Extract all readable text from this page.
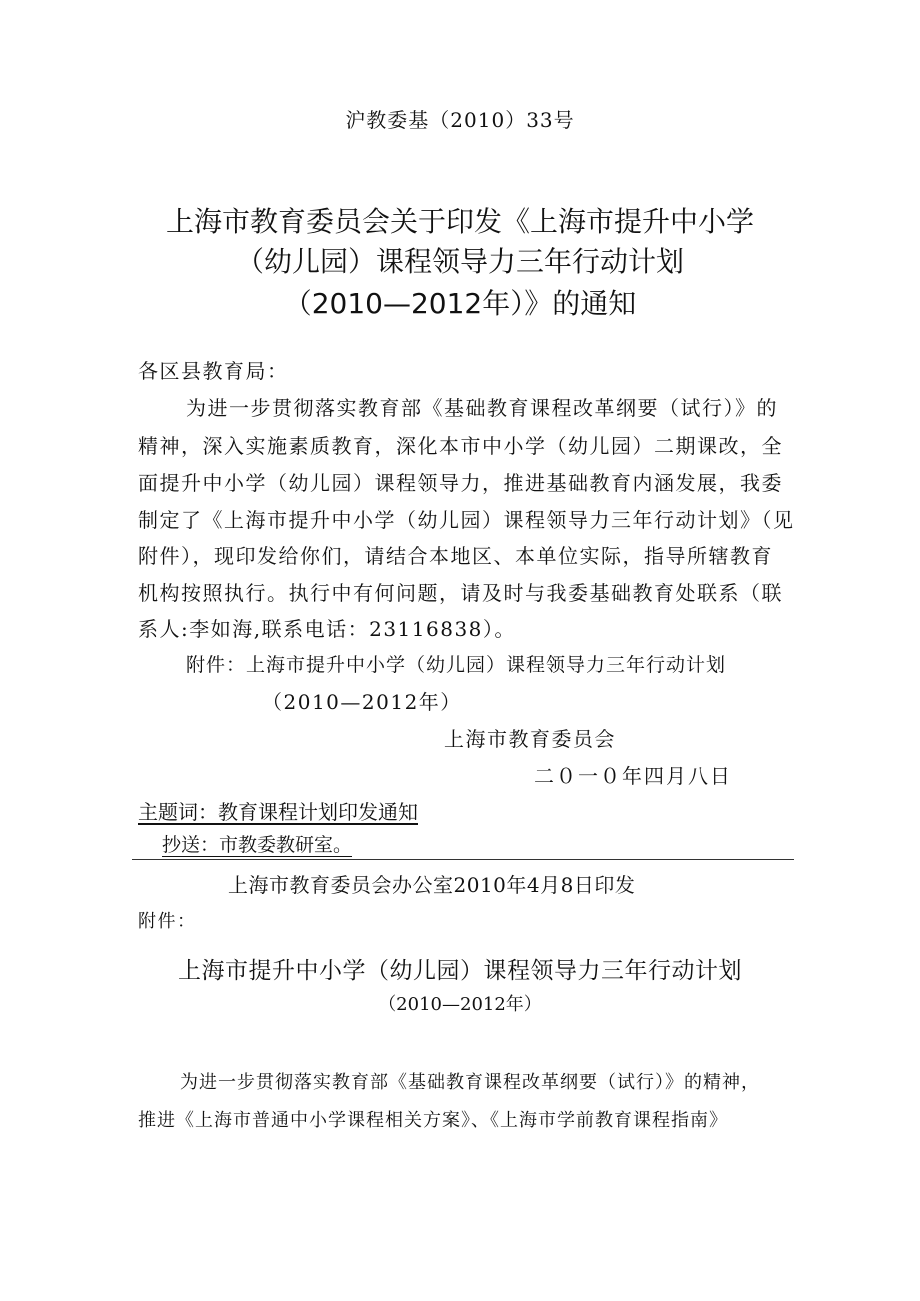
沪教委基（2010）33号
上海市教育委员会关于印发《上海市提升中小学
（幼儿园）课程领导力三年行动计划
（2010—2012年）》的通知
各区县教育局：
为进一步贯彻落实教育部《基础教育课程改革纲要（试行）》的
精神，深入实施素质教育，深化本市中小学（幼儿园）二期课改，全
面提升中小学（幼儿园）课程领导力，推进基础教育内涵发展，我委
制定了《上海市提升中小学（幼儿园）课程领导力三年行动计划》（见
附件），现印发给你们，请结合本地区、本单位实际，指导所辖教育
机构按照执行。执行中有何问题，请及时与我委基础教育处联系（联
系人:李如海,联系电话：23116838）。
附件：上海市提升中小学（幼儿园）课程领导力三年行动计划
（2010—2012年）
上海市教育委员会
二０一０年四月八日
主题词：教育课程计划印发通知
抄送：市教委教研室。
上海市教育委员会办公室2010年4月8日印发
附件：
上海市提升中小学（幼儿园）课程领导力三年行动计划
（2010—2012年）
为进一步贯彻落实教育部《基础教育课程改革纲要（试行）》的精神，
推进《上海市普通中小学课程相关方案》、《上海市学前教育课程指南》
